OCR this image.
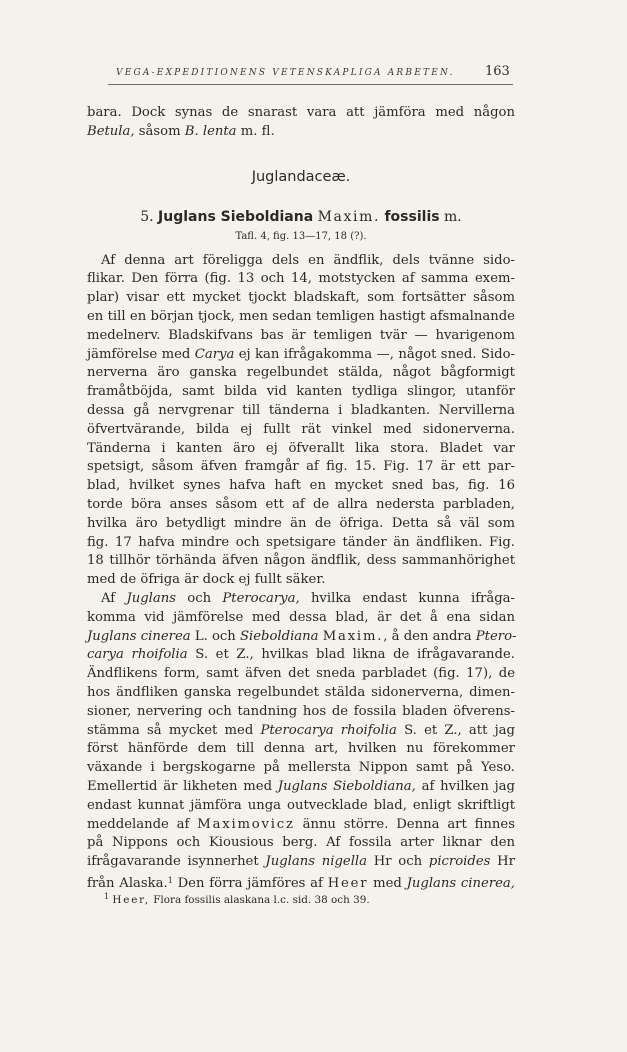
VEGA-EXPEDITIONENS VETENSKAPLIGA ARBETEN. 163
bara. Dock synas de snarast vara att jämföra med någon
Betula, såsom B. lenta m. fl.
Juglandaceæ.
5. Juglans Sieboldiana Maxim. fossilis m.
Tafl. 4, fig. 13—17, 18 (?).
Af denna art föreligga dels en ändflik, dels tvänne sido-
flikar. Den förra (fig. 13 och 14, motstycken af samma exem-
plar) visar ett mycket tjockt bladskaft, som fortsätter såsom
en till en början tjock, men sedan temligen hastigt afsmalnande
medelnerv. Bladskifvans bas är temligen tvär — hvarigenom
jämförelse med Carya ej kan ifrågakomma —, något sned. Sido-
nerverna äro ganska regelbundet stälda, något bågformigt
framåtböjda, samt bilda vid kanten tydliga slingor, utanför
dessa gå nervgrenar till tänderna i bladkanten. Nervillerna
öfvertvärande, bilda ej fullt rät vinkel med sidonerverna.
Tänderna i kanten äro ej öfverallt lika stora. Bladet var
spetsigt, såsom äfven framgår af fig. 15. Fig. 17 är ett par-
blad, hvilket synes hafva haft en mycket sned bas, fig. 16
torde böra anses såsom ett af de allra nedersta parbladen,
hvilka äro betydligt mindre än de öfriga. Detta så väl som
fig. 17 hafva mindre och spetsigare tänder än ändfliken. Fig.
18 tillhör törhända äfven någon ändflik, dess sammanhörighet
med de öfriga är dock ej fullt säker.
Af Juglans och Pterocarya, hvilka endast kunna ifråga-
komma vid jämförelse med dessa blad, är det å ena sidan
Juglans cinerea L. och Sieboldiana Maxim., å den andra Ptero-
carya rhoifolia S. et Z., hvilkas blad likna de ifrågavarande.
Ändflikens form, samt äfven det sneda parbladet (fig. 17), de
hos ändfliken ganska regelbundet stälda sidonerverna, dimen-
sioner, nervering och tandning hos de fossila bladen öfverens-
stämma så mycket med Pterocarya rhoifolia S. et Z., att jag
först hänförde dem till denna art, hvilken nu förekommer
växande i bergskogarne på mellersta Nippon samt på Yeso.
Emellertid är likheten med Juglans Sieboldiana, af hvilken jag
endast kunnat jämföra unga outvecklade blad, enligt skriftligt
meddelande af Maximovicz ännu större. Denna art finnes
på Nippons och Kiousious berg. Af fossila arter liknar den
ifrågavarande isynnerhet Juglans nigella Hr och picroides Hr
från Alaska.$^1$ Den förra jämföres af Heer med Juglans cinerea,
$^1$ Heer, Flora fossilis alaskana l.c. sid. 38 och 39.
